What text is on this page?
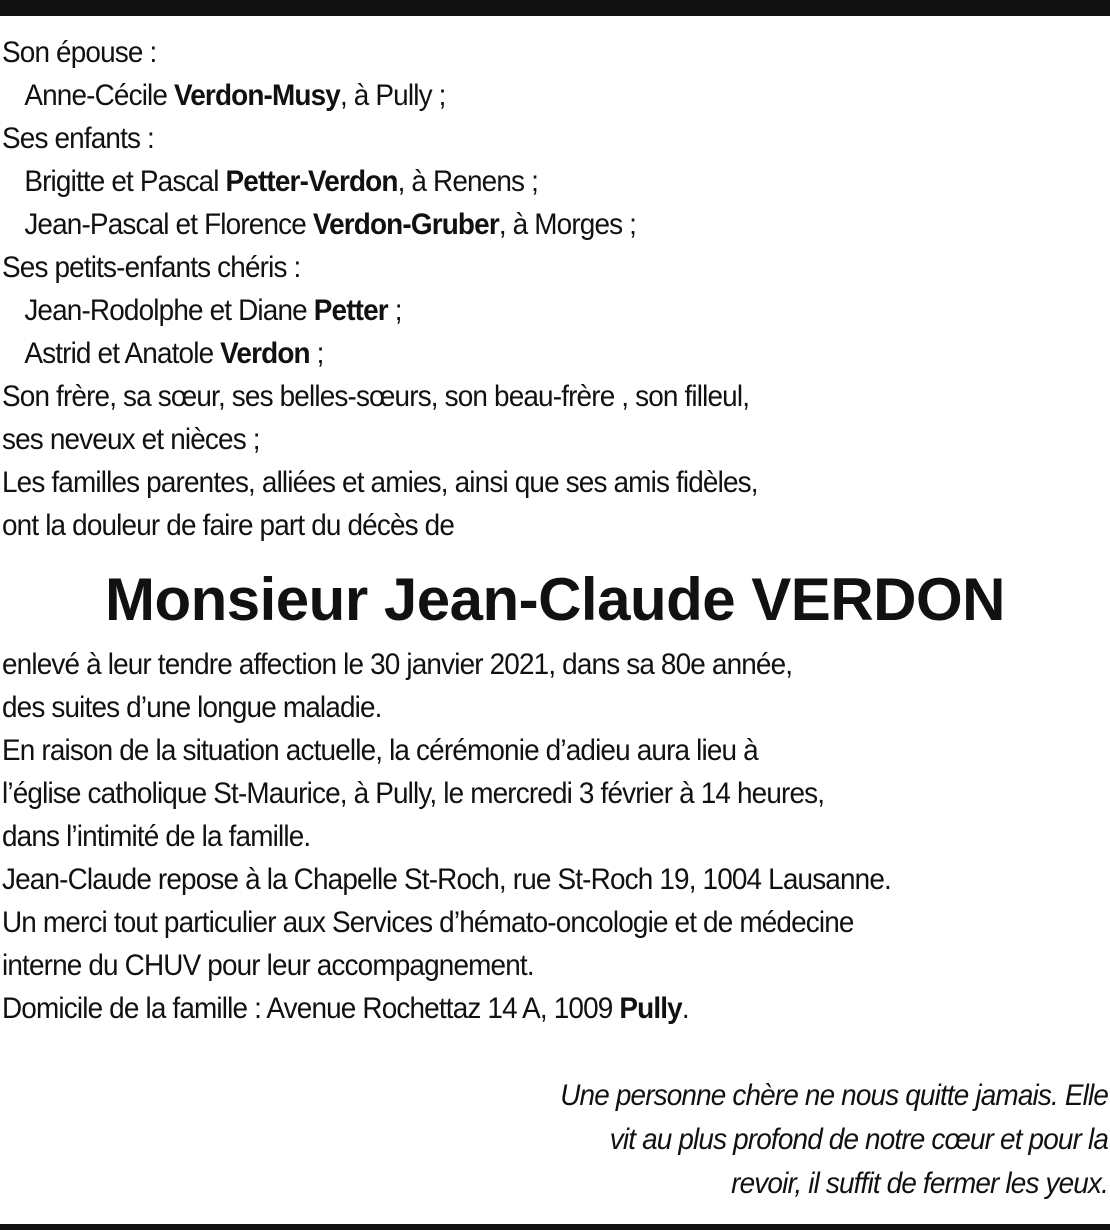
Son épouse :
Anne-Cécile Verdon-Musy, à Pully ;
Ses enfants :
Brigitte et Pascal Petter-Verdon, à Renens ;
Jean-Pascal et Florence Verdon-Gruber, à Morges ;
Ses petits-enfants chéris :
Jean-Rodolphe et Diane Petter ;
Astrid et Anatole Verdon ;
Son frère, sa sœur, ses belles-sœurs, son beau-frère , son filleul,
ses neveux et nièces ;
Les familles parentes, alliées et amies, ainsi que ses amis fidèles,
ont la douleur de faire part du décès de
Monsieur Jean-Claude VERDON
enlevé à leur tendre affection le 30 janvier 2021, dans sa 80e année,
des suites d’une longue maladie.
En raison de la situation actuelle, la cérémonie d’adieu aura lieu à
l’église catholique St-Maurice, à Pully, le mercredi 3 février à 14 heures,
dans l’intimité de la famille.
Jean-Claude repose à la Chapelle St-Roch, rue St-Roch 19, 1004 Lausanne.
Un merci tout particulier aux Services d’hémato-oncologie et de médecine
interne du CHUV pour leur accompagnement.
Domicile de la famille : Avenue Rochettaz 14 A, 1009 Pully.
Une personne chère ne nous quitte jamais. Elle
vit au plus profond de notre cœur et pour la
revoir, il suffit de fermer les yeux.
